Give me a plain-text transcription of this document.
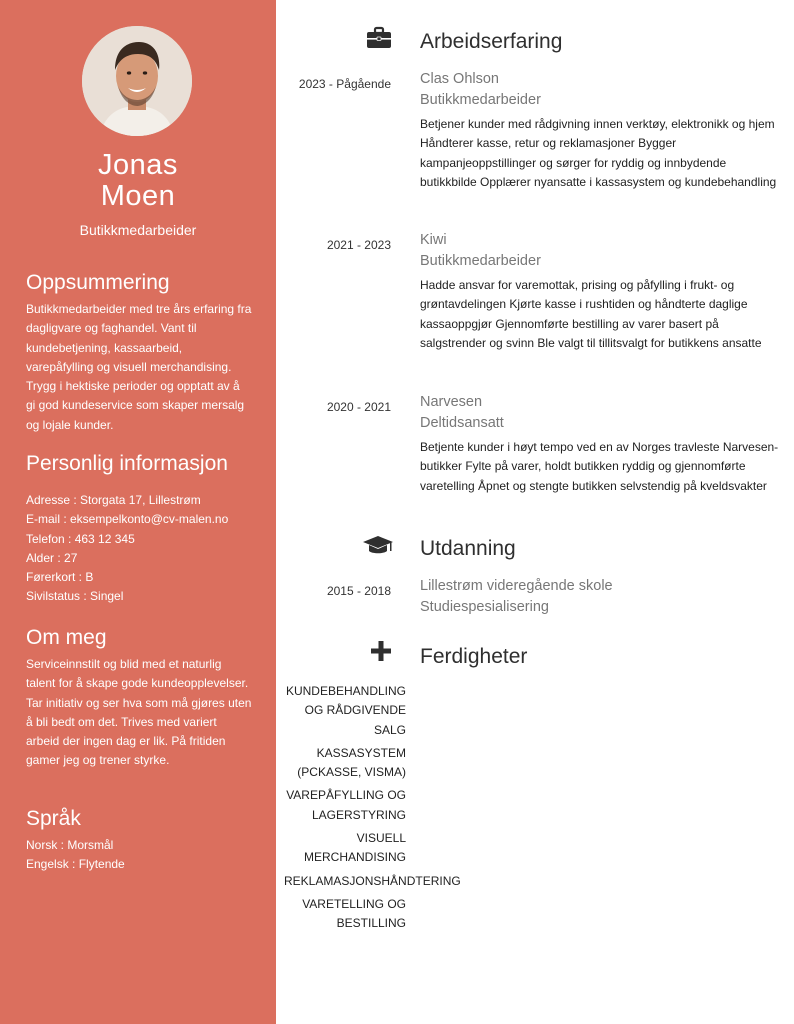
Jonas
Moen
Butikkmedarbeider
Oppsummering
Butikkmedarbeider med tre års erfaring fra dagligvare og faghandel. Vant til kundebetjening, kassaarbeid, varepåfylling og visuell merchandising. Trygg i hektiske perioder og opptatt av å gi god kundeservice som skaper mersalg og lojale kunder.
Personlig informasjon
Adresse : Storgata 17, Lillestrøm
E-mail : eksempelkonto@cv-malen.no
Telefon : 463 12 345
Alder : 27
Førerkort : B
Sivilstatus : Singel
Om meg
Serviceinnstilt og blid med et naturlig talent for å skape gode kundeopplevelser. Tar initiativ og ser hva som må gjøres uten å bli bedt om det. Trives med variert arbeid der ingen dag er lik. På fritiden gamer jeg og trener styrke.
Språk
Norsk : Morsmål
Engelsk : Flytende
Arbeidserfaring
2023 - Pågående Clas Ohlson
Butikkmedarbeider
Betjener kunder med rådgivning innen verktøy, elektronikk og hjem Håndterer kasse, retur og reklamasjoner Bygger kampanjeoppstillinger og sørger for ryddig og innbydende butikkbilde Opplærer nyansatte i kassasystem og kundebehandling
2021 - 2023 Kiwi
Butikkmedarbeider
Hadde ansvar for varemottak, prising og påfylling i frukt- og grøntavdelingen Kjørte kasse i rushtiden og håndterte daglige kassaoppgjør Gjennomførte bestilling av varer basert på salgstrender og svinn Ble valgt til tillitsvalgt for butikkens ansatte
2020 - 2021 Narvesen
Deltidsansatt
Betjente kunder i høyt tempo ved en av Norges travleste Narvesen-butikker Fylte på varer, holdt butikken ryddig og gjennomførte varetelling Åpnet og stengte butikken selvstendig på kveldsvakter
Utdanning
2015 - 2018 Lillestrøm videregående skole
Studiespesialisering
Ferdigheter
KUNDEBEHANDLING OG RÅDGIVENDE SALG
KASSASYSTEM (PCKASSE, VISMA)
VAREPÅFYLLING OG LAGERSTYRING
VISUELL MERCHANDISING
REKLAMASJONSHÅNDTERING
VARETELLING OG BESTILLING
